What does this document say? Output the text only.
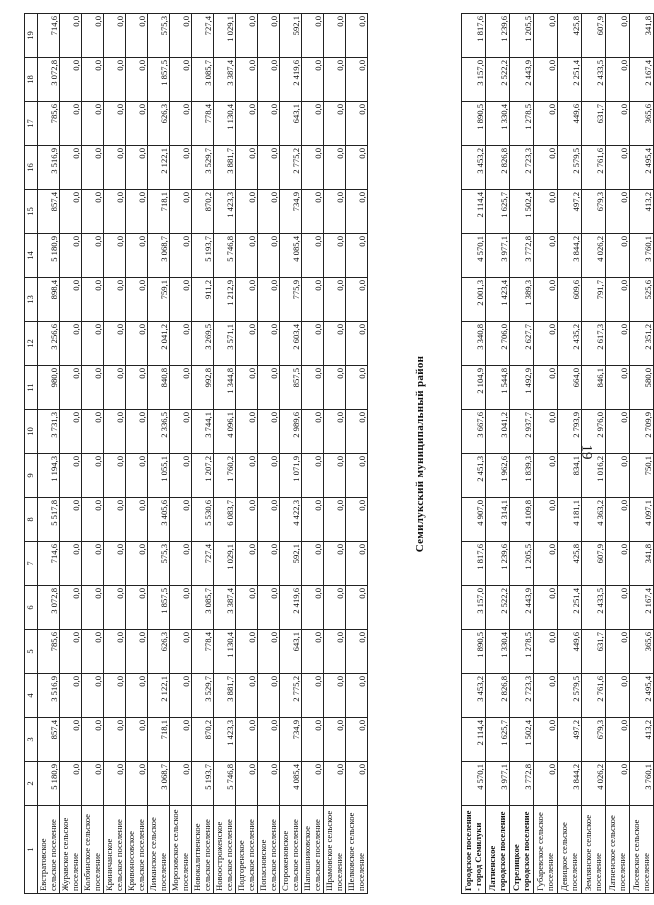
19
1	2	3	4	5	6	7	8	9	10	11	12	13	14	15	16	17	18	19
Евстратовское сельское поселение	5 180,9	857,4	3 516,9	785,6	3 072,8	714,6	5 517,8	1 194,3	3 731,3	980,0	3 256,6	898,4	5 180,9	857,4	3 516,9	785,6	3 072,8	714,6
Журавское сельское поселение	0,0	0,0	0,0	0,0	0,0	0,0	0,0	0,0	0,0	0,0	0,0	0,0	0,0	0,0	0,0	0,0	0,0	0,0
Колбинское сельское поселение	0,0	0,0	0,0	0,0	0,0	0,0	0,0	0,0	0,0	0,0	0,0	0,0	0,0	0,0	0,0	0,0	0,0	0,0
Криничанское сельское поселение	0,0	0,0	0,0	0,0	0,0	0,0	0,0	0,0	0,0	0,0	0,0	0,0	0,0	0,0	0,0	0,0	0,0	0,0
Кривоносовское сельское поселение	0,0	0,0	0,0	0,0	0,0	0,0	0,0	0,0	0,0	0,0	0,0	0,0	0,0	0,0	0,0	0,0	0,0	0,0
Лиманское сельское поселение	3 068,7	718,1	2 122,1	626,3	1 857,5	575,3	3 405,6	1 055,1	2 336,5	840,8	2 041,2	759,1	3 068,7	718,1	2 122,1	626,3	1 857,5	575,3
Морозовское сельское поселение	0,0	0,0	0,0	0,0	0,0	0,0	0,0	0,0	0,0	0,0	0,0	0,0	0,0	0,0	0,0	0,0	0,0	0,0
Новокалитвенское сельское поселение	5 193,7	870,2	3 529,7	778,4	3 085,7	727,4	5 530,6	1 207,2	3 744,1	992,8	3 269,5	911,2	5 193,7	870,2	3 529,7	778,4	3 085,7	727,4
Новоостроженское сельское поселение	5 746,8	1 423,3	3 881,7	1 130,4	3 387,4	1 029,1	6 083,7	1 760,2	4 096,1	1 344,8	3 571,1	1 212,9	5 746,8	1 423,3	3 881,7	1 130,4	3 387,4	1 029,1
Подгоренское сельское поселение	0,0	0,0	0,0	0,0	0,0	0,0	0,0	0,0	0,0	0,0	0,0	0,0	0,0	0,0	0,0	0,0	0,0	0,0
Попасновское сельское поселение	0,0	0,0	0,0	0,0	0,0	0,0	0,0	0,0	0,0	0,0	0,0	0,0	0,0	0,0	0,0	0,0	0,0	0,0
Стороженовское сельское поселение	4 085,4	734,9	2 775,2	643,1	2 419,6	592,1	4 422,3	1 071,9	2 989,6	857,5	2 603,4	775,9	4 085,4	734,9	2 775,2	643,1	2 419,6	592,1
Шапошниковское сельское поселение	0,0	0,0	0,0	0,0	0,0	0,0	0,0	0,0	0,0	0,0	0,0	0,0	0,0	0,0	0,0	0,0	0,0	0,0
Шрамовское сельское поселение	0,0	0,0	0,0	0,0	0,0	0,0	0,0	0,0	0,0	0,0	0,0	0,0	0,0	0,0	0,0	0,0	0,0	0,0
Шелковское сельское поселение	0,0	0,0	0,0	0,0	0,0	0,0	0,0	0,0	0,0	0,0	0,0	0,0	0,0	0,0	0,0	0,0	0,0	0,0
Семилукский муниципальный район
Городское поселение - город Семилуки	4 570,1	2 114,4	3 453,2	1 890,5	3 157,0	1 817,6	4 907,0	2 451,3	3 667,6	2 104,9	3 340,8	2 001,3	4 570,1	2 114,4	3 453,2	1 890,5	3 157,0	1 817,6
Латненское городское поселение	3 977,1	1 625,7	2 826,8	1 330,4	2 522,2	1 239,6	4 314,1	1 962,6	3 041,2	1 544,8	2 706,0	1 423,4	3 977,1	1 625,7	2 826,8	1 330,4	2 522,2	1 239,6
Стрелицкое городское поселение	3 772,8	1 502,4	2 723,3	1 278,5	2 443,9	1 205,5	4 109,8	1 839,3	2 937,7	1 492,9	2 627,7	1 389,3	3 772,8	1 502,4	2 723,3	1 278,5	2 443,9	1 205,5
Губаревское сельское поселение	0,0	0,0	0,0	0,0	0,0	0,0	0,0	0,0	0,0	0,0	0,0	0,0	0,0	0,0	0,0	0,0	0,0	0,0
Девицкое сельское поселение	3 844,2	497,2	2 579,5	449,6	2 251,4	425,8	4 181,1	834,1	2 793,9	664,0	2 435,2	609,6	3 844,2	497,2	2 579,5	449,6	2 251,4	425,8
Землянское сельское поселение	4 026,2	679,3	2 761,6	631,7	2 433,5	607,9	4 363,2	1 016,2	2 976,0	846,1	2 617,3	791,7	4 026,2	679,3	2 761,6	631,7	2 433,5	607,9
Латненское сельское поселение	0,0	0,0	0,0	0,0	0,0	0,0	0,0	0,0	0,0	0,0	0,0	0,0	0,0	0,0	0,0	0,0	0,0	0,0
Лосевское сельское поселение	3 760,1	413,2	2 495,4	365,6	2 167,4	341,8	4 097,1	750,1	2 709,9	580,0	2 351,2	525,6	3 760,1	413,2	2 495,4	365,6	2 167,4	341,8
